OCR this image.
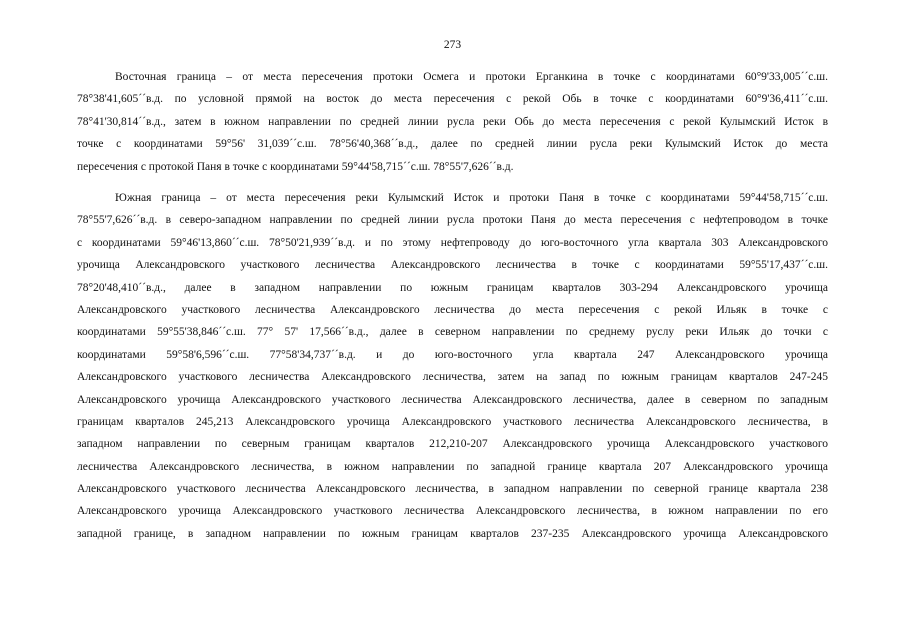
273
Восточная граница – от места пересечения протоки Осмега и протоки Ерганкина в точке с координатами 60°9'33,005´´с.ш.
78°38'41,605´´в.д. по условной прямой на восток до места пересечения с рекой Обь в точке с координатами 60°9'36,411´´с.ш.
78°41'30,814´´в.д., затем в южном направлении по средней линии русла реки Обь до места пересечения с рекой Кулымский Исток в
точке с координатами 59°56' 31,039´´с.ш. 78°56'40,368´´в.д., далее по средней линии русла реки Кулымский Исток до места
пересечения с протокой Паня в точке с координатами 59°44'58,715´´с.ш. 78°55'7,626´´в.д.
Южная граница – от места пересечения реки Кулымский Исток и протоки Паня в точке с координатами 59°44'58,715´´с.ш.
78°55'7,626´´в.д. в северо-западном направлении по средней линии русла протоки Паня до места пересечения с нефтепроводом в точке
с координатами 59°46'13,860´´с.ш. 78°50'21,939´´в.д. и по этому нефтепроводу до юго-восточного угла квартала 303 Александровского
урочища Александровского участкового лесничества Александровского лесничества в точке с координатами 59°55'17,437´´с.ш.
78°20'48,410´´в.д., далее в западном направлении по южным границам кварталов 303-294 Александровского урочища
Александровского участкового лесничества Александровского лесничества до места пересечения с рекой Ильяк в точке с
координатами 59°55'38,846´´с.ш. 77° 57' 17,566´´в.д., далее в северном направлении по среднему руслу реки Ильяк до точки с
координатами 59°58'6,596´´с.ш. 77°58'34,737´´в.д. и до юго-восточного угла квартала 247 Александровского урочища
Александровского участкового лесничества Александровского лесничества, затем на запад по южным границам кварталов 247-245
Александровского урочища Александровского участкового лесничества Александровского лесничества, далее в северном по западным
границам кварталов 245,213 Александровского урочища Александровского участкового лесничества Александровского лесничества, в
западном направлении по северным границам кварталов 212,210-207 Александровского урочища Александровского участкового
лесничества Александровского лесничества, в южном направлении по западной границе квартала 207 Александровского урочища
Александровского участкового лесничества Александровского лесничества, в западном направлении по северной границе квартала 238
Александровского урочища Александровского участкового лесничества Александровского лесничества, в южном направлении по его
западной границе, в западном направлении по южным границам кварталов 237-235 Александровского урочища Александровского
